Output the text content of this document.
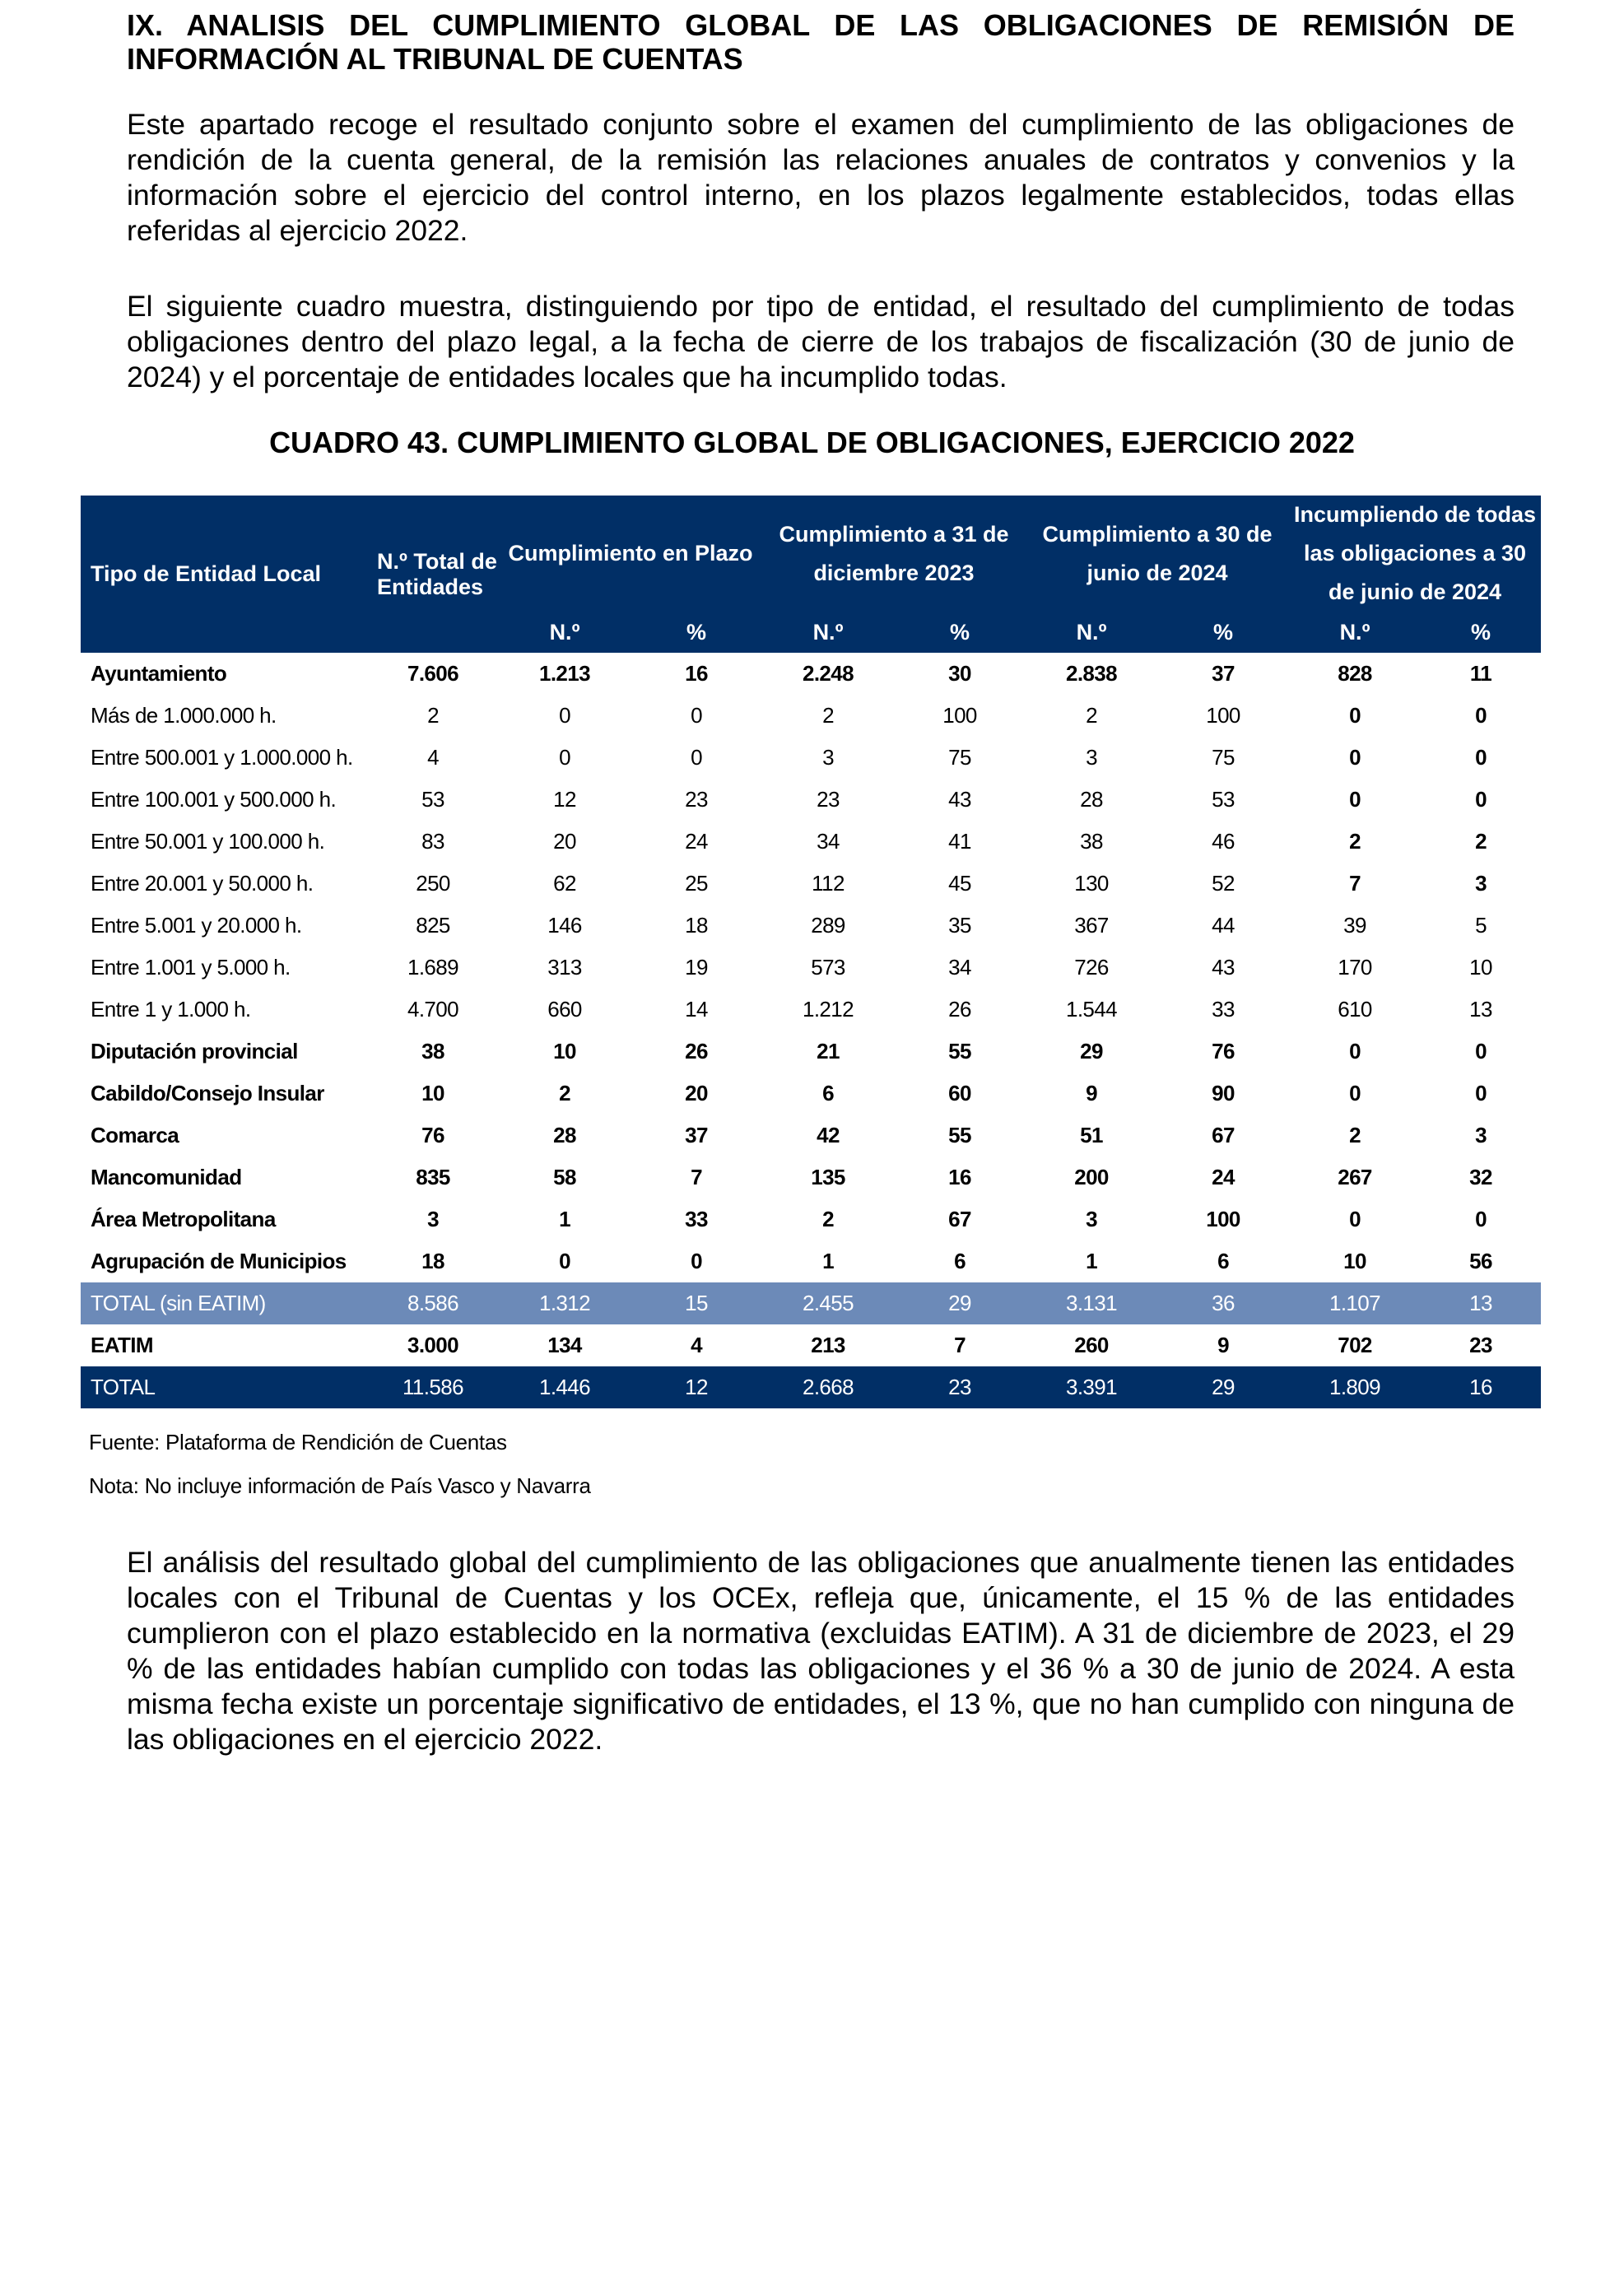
IX. ANALISIS DEL CUMPLIMIENTO GLOBAL DE LAS OBLIGACIONES DE REMISIÓN DE INFORMACIÓN AL TRIBUNAL DE CUENTAS

Este apartado recoge el resultado conjunto sobre el examen del cumplimiento de las obligaciones de rendición de la cuenta general, de la remisión las relaciones anuales de contratos y convenios y la información sobre el ejercicio del control interno, en los plazos legalmente establecidos, todas ellas referidas al ejercicio 2022.

El siguiente cuadro muestra, distinguiendo por tipo de entidad, el resultado del cumplimiento de todas obligaciones dentro del plazo legal, a la fecha de cierre de los trabajos de fiscalización (30 de junio de 2024) y el porcentaje de entidades locales que ha incumplido todas.

CUADRO 43. CUMPLIMIENTO GLOBAL DE OBLIGACIONES, EJERCICIO 2022

Tipo de Entidad Local	N.º Total de Entidades	Cumplimiento en Plazo		Cumplimiento a 31 de diciembre 2023		Cumplimiento a 30 de junio de 2024		Incumpliendo de todas las obligaciones a 30 de junio de 2024	
		N.º	%	N.º	%	N.º	%	N.º	%
Ayuntamiento	7.606	1.213	16	2.248	30	2.838	37	828	11
Más de 1.000.000 h.	2	0	0	2	100	2	100	0	0
Entre 500.001 y 1.000.000 h.	4	0	0	3	75	3	75	0	0
Entre 100.001 y 500.000 h.	53	12	23	23	43	28	53	0	0
Entre 50.001 y 100.000 h.	83	20	24	34	41	38	46	2	2
Entre 20.001 y 50.000 h.	250	62	25	112	45	130	52	7	3
Entre 5.001 y 20.000 h.	825	146	18	289	35	367	44	39	5
Entre 1.001 y 5.000 h.	1.689	313	19	573	34	726	43	170	10
Entre 1 y 1.000 h.	4.700	660	14	1.212	26	1.544	33	610	13
Diputación provincial	38	10	26	21	55	29	76	0	0
Cabildo/Consejo Insular	10	2	20	6	60	9	90	0	0
Comarca	76	28	37	42	55	51	67	2	3
Mancomunidad	835	58	7	135	16	200	24	267	32
Área Metropolitana	3	1	33	2	67	3	100	0	0
Agrupación de Municipios	18	0	0	1	6	1	6	10	56
TOTAL (sin EATIM)	8.586	1.312	15	2.455	29	3.131	36	1.107	13
EATIM	3.000	134	4	213	7	260	9	702	23
TOTAL	11.586	1.446	12	2.668	23	3.391	29	1.809	16

Fuente: Plataforma de Rendición de Cuentas

Nota: No incluye información de País Vasco y Navarra

El análisis del resultado global del cumplimiento de las obligaciones que anualmente tienen las entidades locales con el Tribunal de Cuentas y los OCEx, refleja que, únicamente, el 15 % de las entidades cumplieron con el plazo establecido en la normativa (excluidas EATIM). A 31 de diciembre de 2023, el 29 % de las entidades habían cumplido con todas las obligaciones y el 36 % a 30 de junio de 2024. A esta misma fecha existe un porcentaje significativo de entidades, el 13 %, que no han cumplido con ninguna de las obligaciones en el ejercicio 2022.
